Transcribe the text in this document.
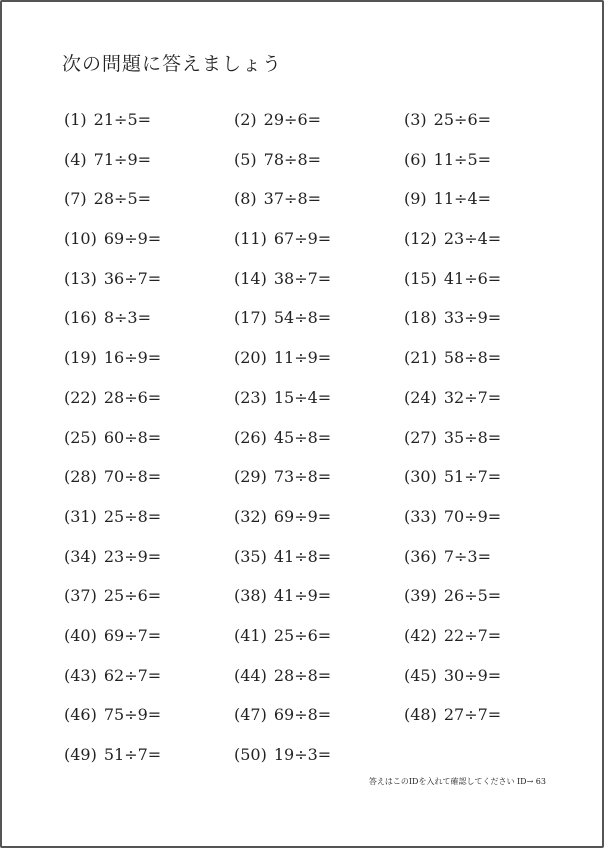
次の問題に答えましょう
(1) 21÷5=	(2) 29÷6=	(3) 25÷6=
(4) 71÷9=	(5) 78÷8=	(6) 11÷5=
(7) 28÷5=	(8) 37÷8=	(9) 11÷4=
(10) 69÷9=	(11) 67÷9=	(12) 23÷4=
(13) 36÷7=	(14) 38÷7=	(15) 41÷6=
(16) 8÷3=	(17) 54÷8=	(18) 33÷9=
(19) 16÷9=	(20) 11÷9=	(21) 58÷8=
(22) 28÷6=	(23) 15÷4=	(24) 32÷7=
(25) 60÷8=	(26) 45÷8=	(27) 35÷8=
(28) 70÷8=	(29) 73÷8=	(30) 51÷7=
(31) 25÷8=	(32) 69÷9=	(33) 70÷9=
(34) 23÷9=	(35) 41÷8=	(36) 7÷3=
(37) 25÷6=	(38) 41÷9=	(39) 26÷5=
(40) 69÷7=	(41) 25÷6=	(42) 22÷7=
(43) 62÷7=	(44) 28÷8=	(45) 30÷9=
(46) 75÷9=	(47) 69÷8=	(48) 27÷7=
(49) 51÷7=	(50) 19÷3=
答えはこのIDを入れて確認してください ID→ 63
